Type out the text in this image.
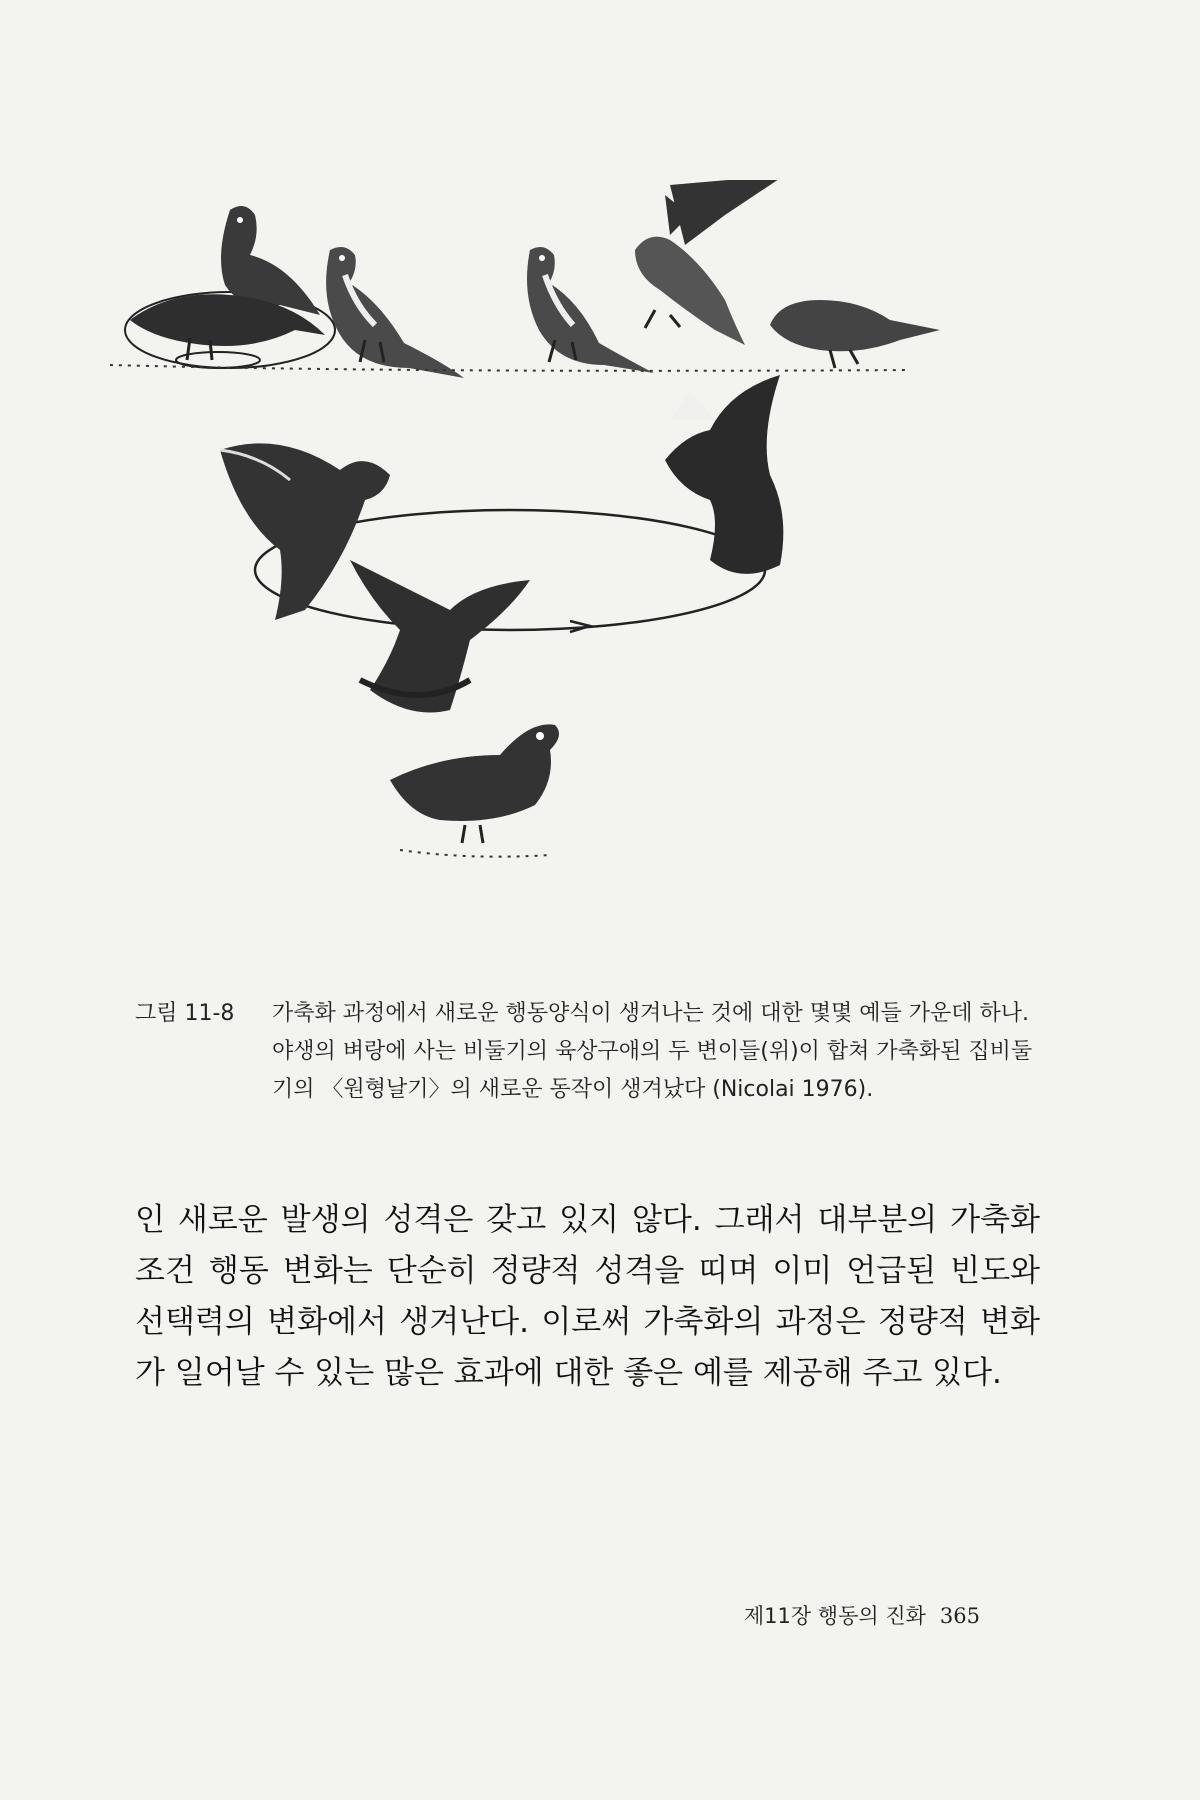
그림 11-8	가축화 과정에서 새로운 행동양식이 생겨나는 것에 대한 몇몇 예들 가운데 하나. 야생의 벼랑에 사는 비둘기의 육상구애의 두 변이들(위)이 합쳐 가축화된 집비둘기의 〈원형날기〉의 새로운 동작이 생겨났다 (Nicolai 1976).
인 새로운 발생의 성격은 갖고 있지 않다. 그래서 대부분의 가축화 조건 행동 변화는 단순히 정량적 성격을 띠며 이미 언급된 빈도와 선택력의 변화에서 생겨난다. 이로써 가축화의 과정은 정량적 변화가 일어날 수 있는 많은 효과에 대한 좋은 예를 제공해 주고 있다.
제11장 행동의 진화 365
